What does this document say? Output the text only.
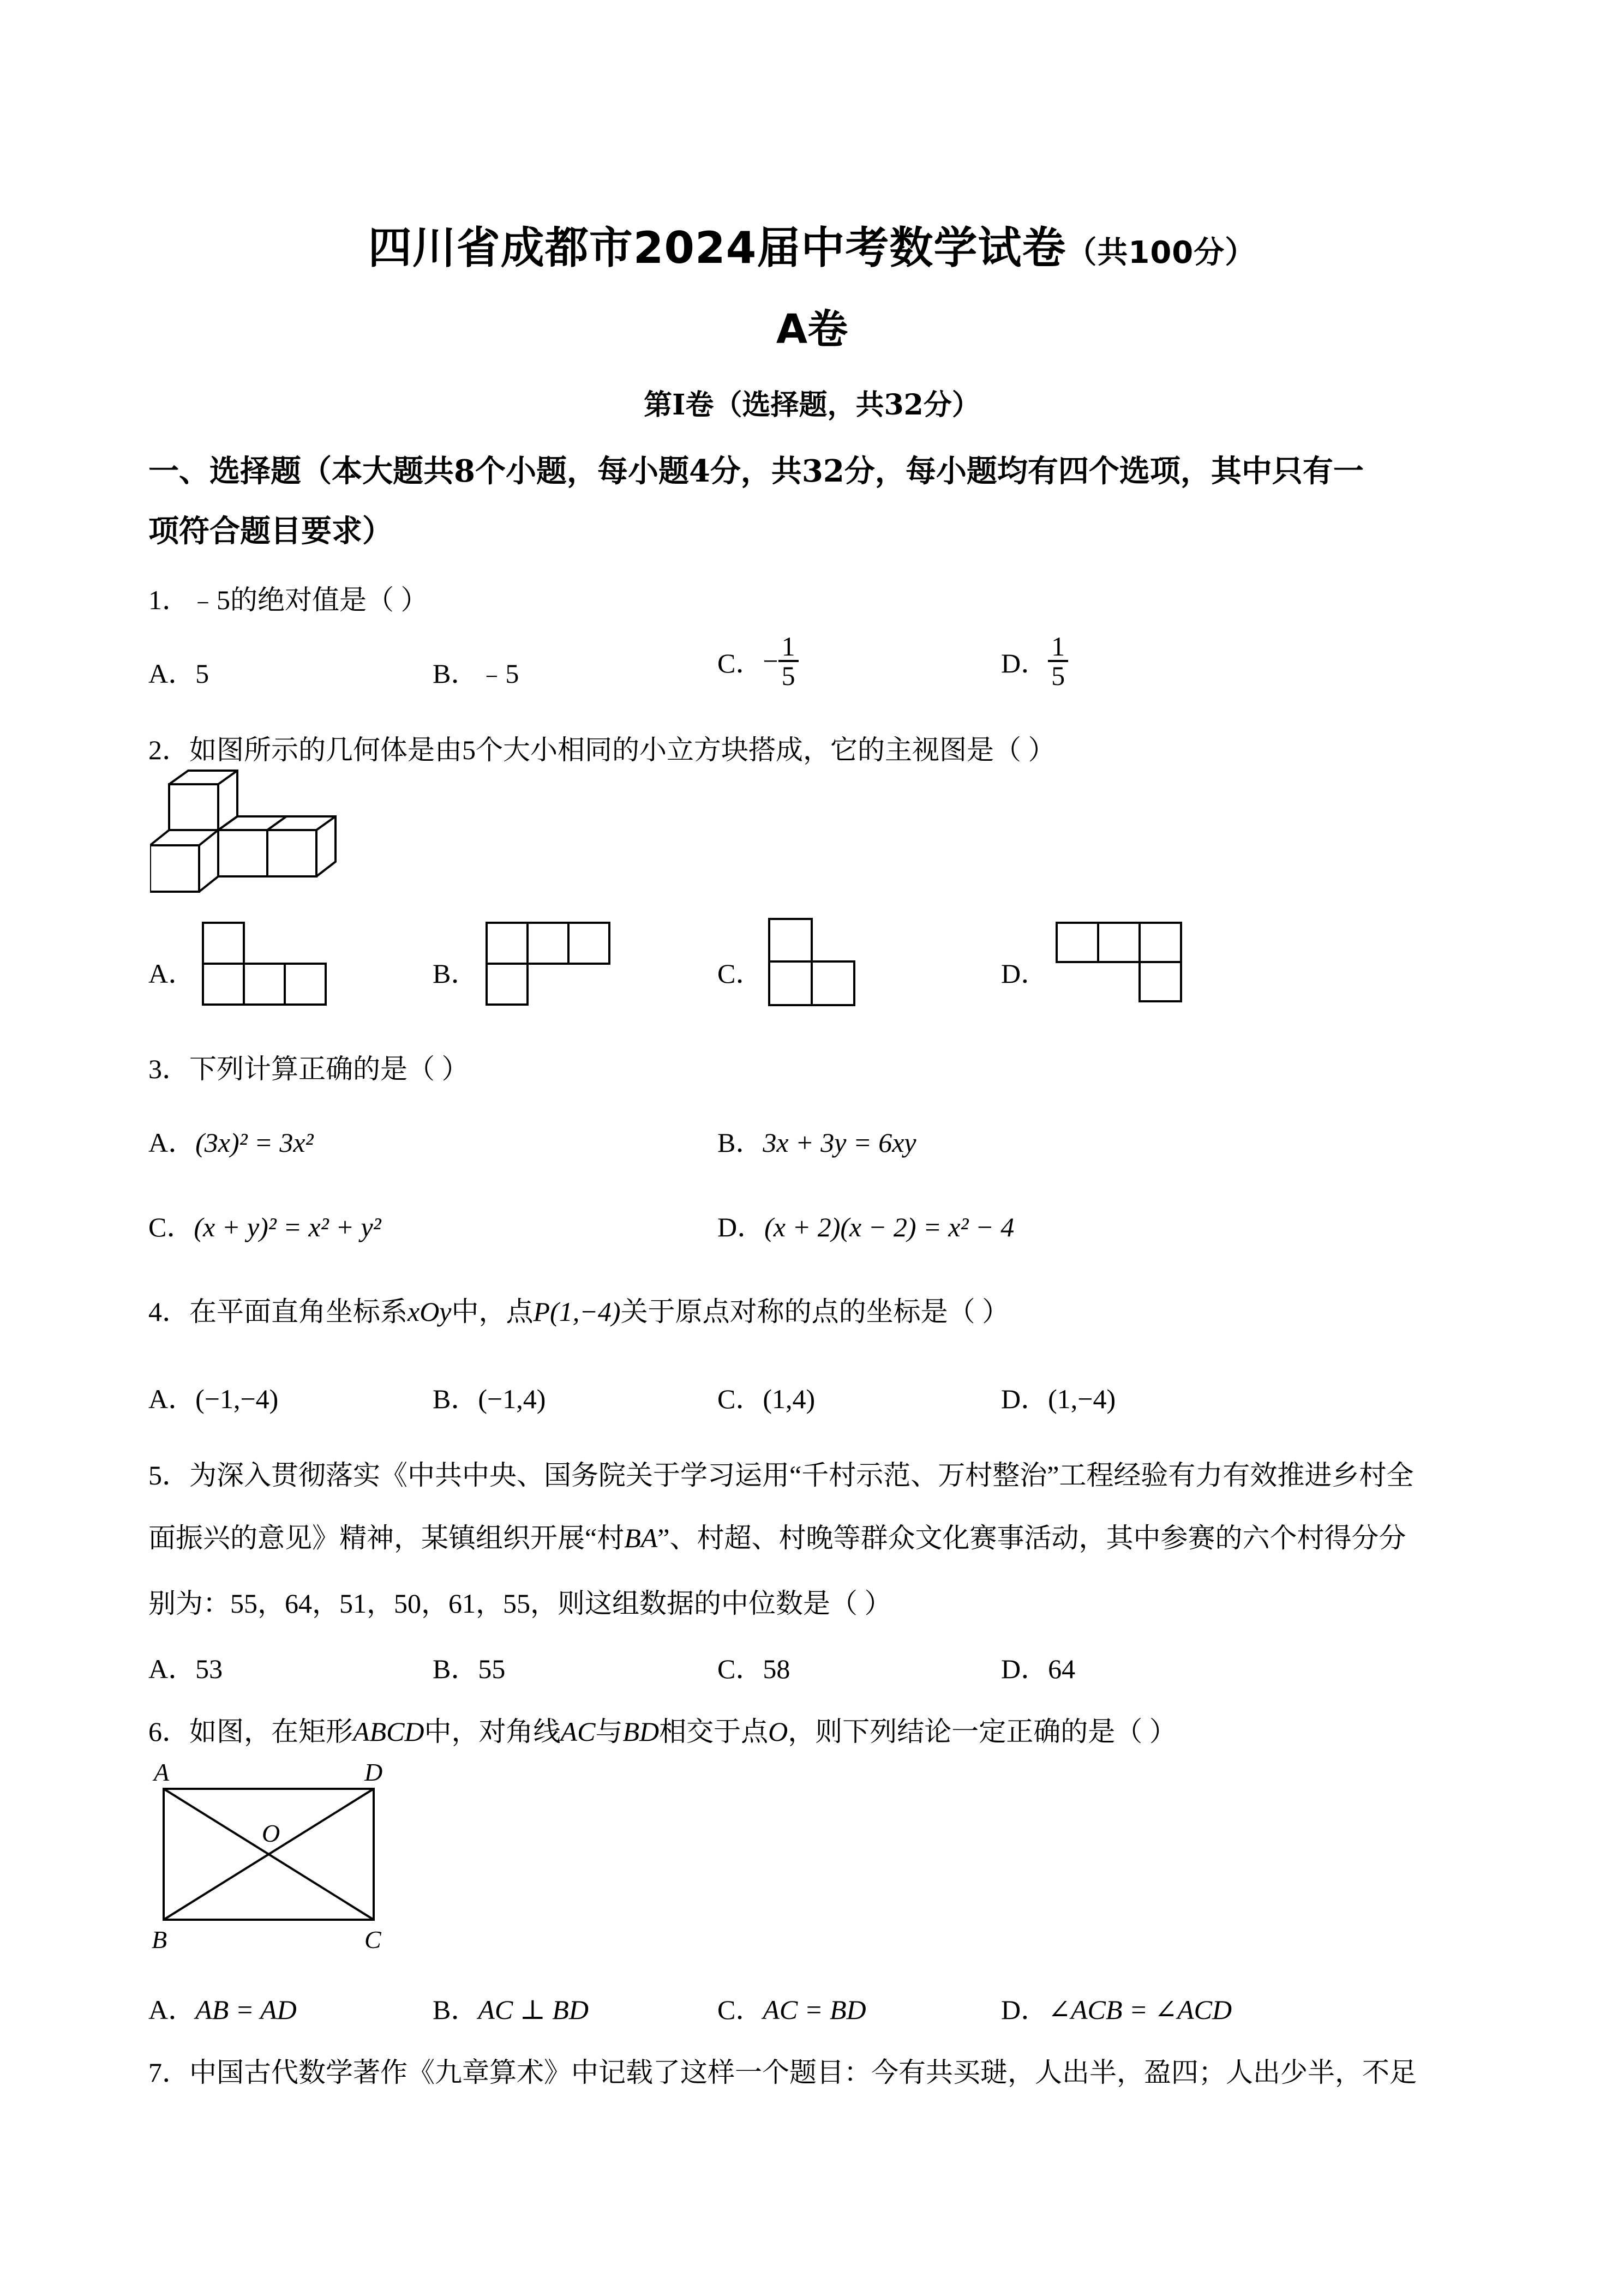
四川省成都市2024届中考数学试卷（共100分）
A卷
第I卷（选择题，共32分）
一、选择题（本大题共8个小题，每小题4分，共32分，每小题均有四个选项，其中只有一
项符合题目要求）
1．﹣5的绝对值是（ ）
A．5	B．﹣5	C．− $\frac{1}{5}$	D． $\frac{1}{5}$
2．如图所示的几何体是由5个大小相同的小立方块搭成，它的主视图是（ ）
A．	B．	C．	D．
3．下列计算正确的是（ ）
A．(3x)² = 3x²	B．3x + 3y = 6xy
C．(x + y)² = x² + y²	D．(x + 2)(x − 2) = x² − 4
4．在平面直角坐标系xOy中，点P(1,−4)关于原点对称的点的坐标是（ ）
A．(−1,−4)	B．(−1,4)	C．(1,4)	D．(1,−4)
5．为深入贯彻落实《中共中央、国务院关于学习运用“千村示范、万村整治”工程经验有力有效推进乡村全
面振兴的意见》精神，某镇组织开展“村BA”、村超、村晚等群众文化赛事活动，其中参赛的六个村得分分
别为：55，64，51，50，61，55，则这组数据的中位数是（ ）
A．53	B．55	C．58	D．64
6．如图，在矩形ABCD中，对角线AC与BD相交于点O，则下列结论一定正确的是（ ）
A	D
O
B	C
A．AB = AD	B．AC ⊥ BD	C．AC = BD	D．∠ACB = ∠ACD
7．中国古代数学著作《九章算术》中记载了这样一个题目：今有共买琎，人出半，盈四；人出少半，不足
